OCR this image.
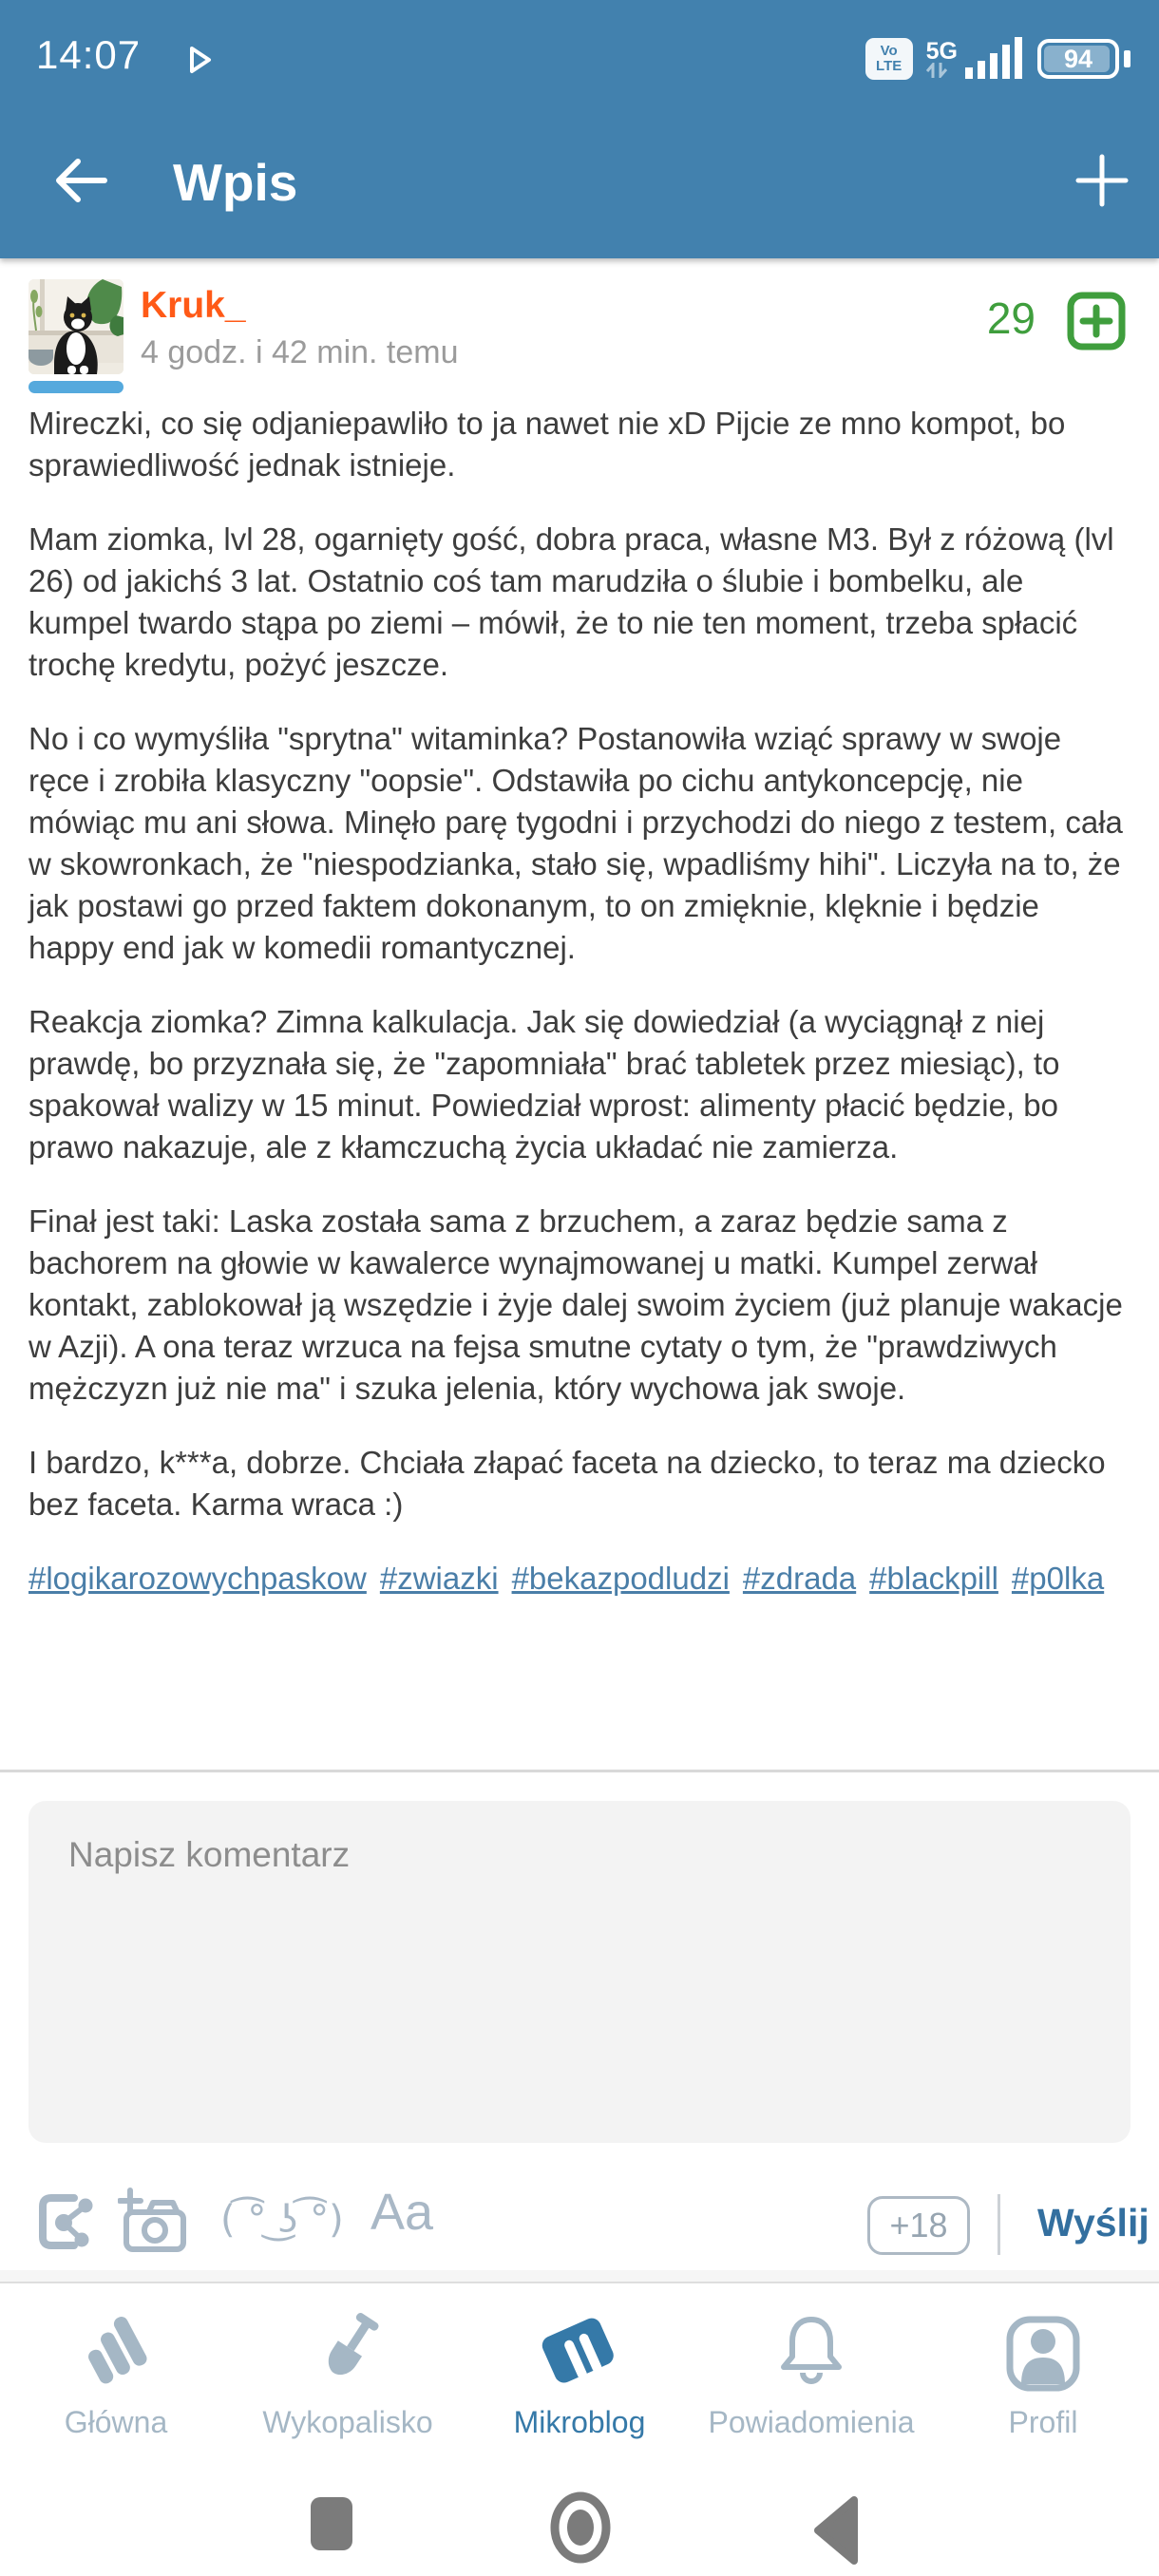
14:07	Vo
LTE
5G	94
Wpis
Kruk_
4 godz. i 42 min. temu
29

Mireczki, co się odjaniepawliło to ja nawet nie xD Pijcie ze mno kompot, bo sprawiedliwość jednak istnieje.

Mam ziomka, lvl 28, ogarnięty gość, dobra praca, własne M3. Był z różową (lvl 26) od jakichś 3 lat. Ostatnio coś tam marudziła o ślubie i bombelku, ale kumpel twardo stąpa po ziemi – mówił, że to nie ten moment, trzeba spłacić trochę kredytu, pożyć jeszcze.

No i co wymyśliła "sprytna" witaminka? Postanowiła wziąć sprawy w swoje ręce i zrobiła klasyczny "oopsie". Odstawiła po cichu antykoncepcję, nie mówiąc mu ani słowa. Minęło parę tygodni i przychodzi do niego z testem, cała w skowronkach, że "niespodzianka, stało się, wpadliśmy hihi". Liczyła na to, że jak postawi go przed faktem dokonanym, to on zmięknie, klęknie i będzie happy end jak w komedii romantycznej.

Reakcja ziomka? Zimna kalkulacja. Jak się dowiedział (a wyciągnął z niej prawdę, bo przyznała się, że "zapomniała" brać tabletek przez miesiąc), to spakował walizy w 15 minut. Powiedział wprost: alimenty płacić będzie, bo prawo nakazuje, ale z kłamczuchą życia układać nie zamierza.

Finał jest taki: Laska została sama z brzuchem, a zaraz będzie sama z bachorem na głowie w kawalerce wynajmowanej u matki. Kumpel zerwał kontakt, zablokował ją wszędzie i żyje dalej swoim życiem (już planuje wakacje w Azji). A ona teraz wrzuca na fejsa smutne cytaty o tym, że "prawdziwych mężczyzn już nie ma" i szuka jelenia, który wychowa jak swoje.

I bardzo, k***a, dobrze. Chciała złapać faceta na dziecko, to teraz ma dziecko bez faceta. Karma wraca :)

#logikarozowychpaskow #zwiazki #bekazpodludzi #zdrada #blackpill #p0lka
Napisz komentarz
( ͡° ͜ʖ ͡°) Aa	+18	Wyślij
Główna	Wykopalisko	Mikroblog Powiadomienia	Profil
